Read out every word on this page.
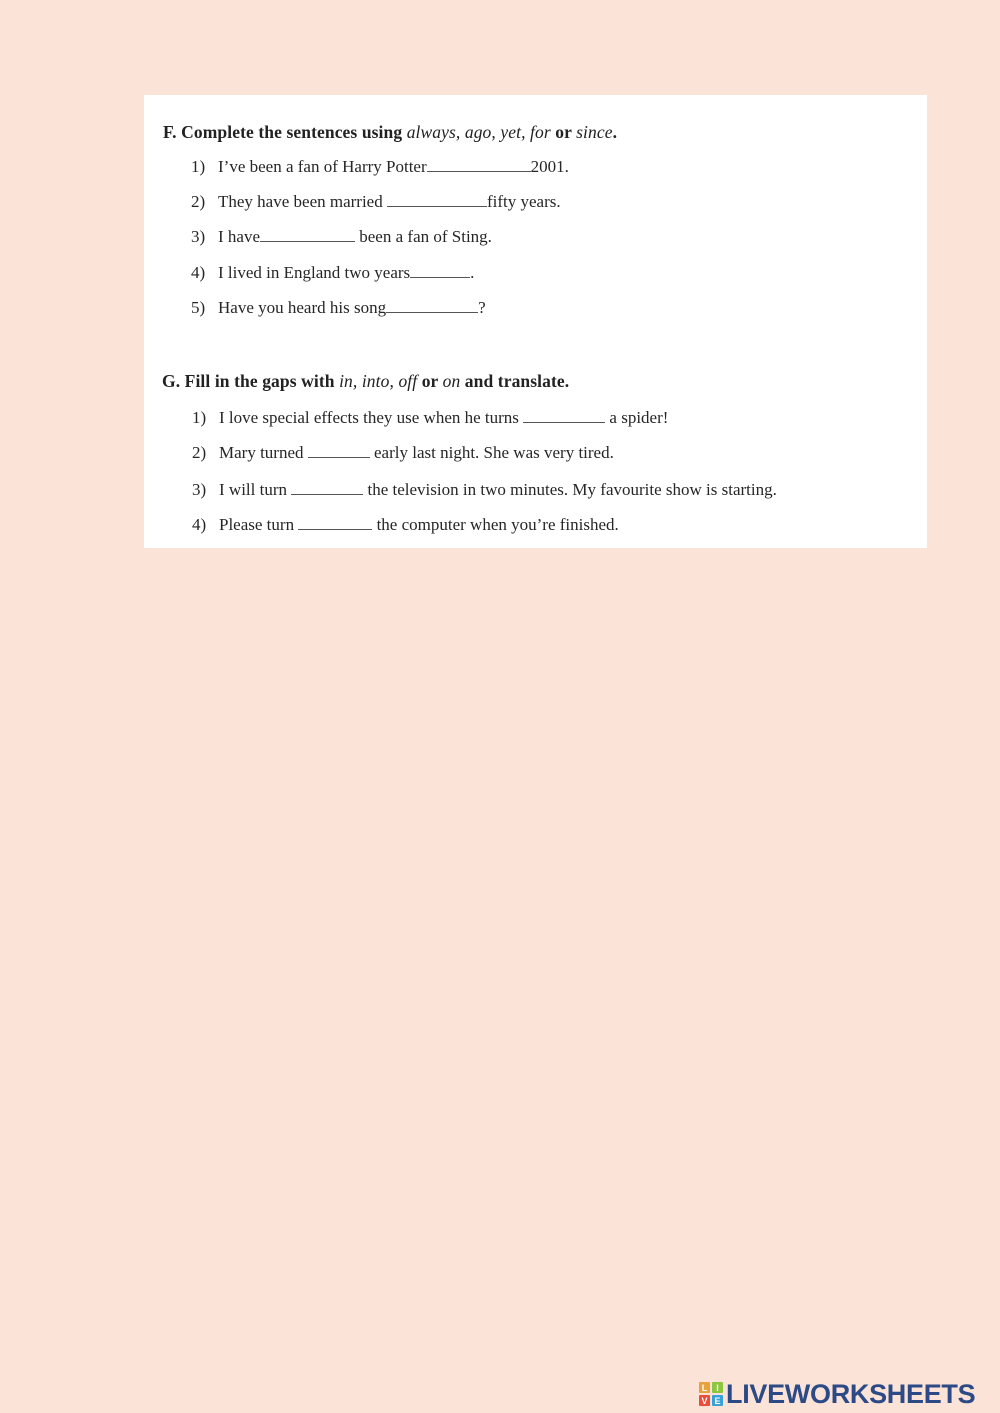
F. Complete the sentences using always, ago, yet, for or since.
1) I’ve been a fan of Harry Potter	2001.
2) They have been married	fifty years.
3) I have	been a fan of Sting.
4) I lived in England two years	.
5) Have you heard his song	?
G. Fill in the gaps with in, into, off or on and translate.
1) I love special effects they use when he turns	a spider!
2) Mary turned	early last night. She was very tired.
3) I will turn	the television in two minutes. My favourite show is starting.
4) Please turn	the computer when you’re finished.
L I
V E LIVEWORKSHEETS
